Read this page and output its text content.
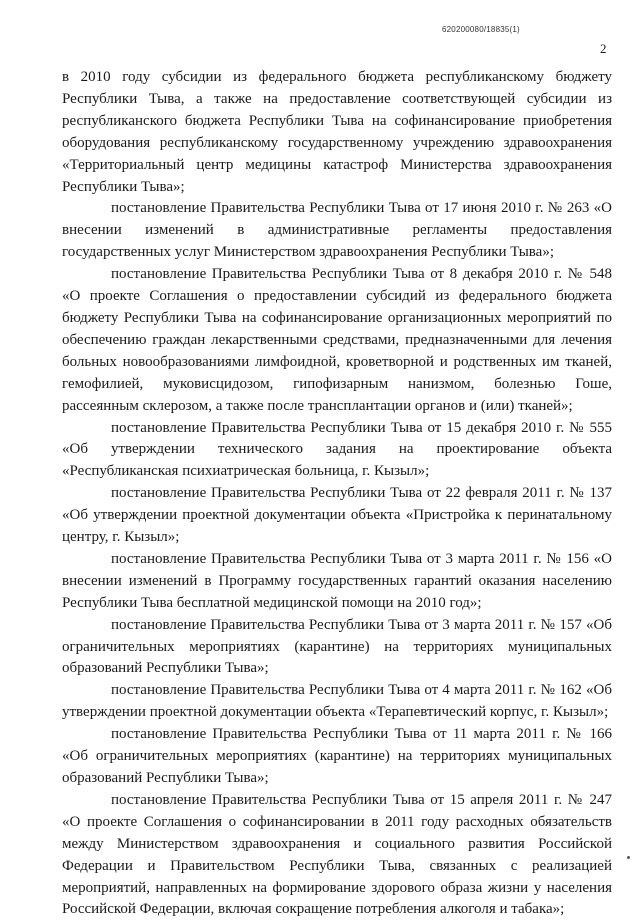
620200080/18835(1)
2

в 2010 году субсидии из федерального бюджета республиканскому бюджету Республики Тыва, а также на предоставление соответствующей субсидии из республиканского бюджета Республики Тыва на софинансирование приобретения оборудования республиканскому государственному учреждению здравоохранения «Территориальный центр медицины катастроф Министерства здравоохранения Республики Тыва»;

постановление Правительства Республики Тыва от 17 июня 2010 г. № 263 «О внесении изменений в административные регламенты предоставления государственных услуг Министерством здравоохранения Республики Тыва»;

постановление Правительства Республики Тыва от 8 декабря 2010 г. № 548 «О проекте Соглашения о предоставлении субсидий из федерального бюджета бюджету Республики Тыва на софинансирование организационных мероприятий по обеспечению граждан лекарственными средствами, предназначенными для лечения больных новообразованиями лимфоидной, кроветворной и родственных им тканей, гемофилией, муковисцидозом, гипофизарным нанизмом, болезнью Гоше, рассеянным склерозом, а также после трансплантации органов и (или) тканей»;

постановление Правительства Республики Тыва от 15 декабря 2010 г. № 555 «Об утверждении технического задания на проектирование объекта «Республиканская психиатрическая больница, г. Кызыл»;

постановление Правительства Республики Тыва от 22 февраля 2011 г. № 137 «Об утверждении проектной документации объекта «Пристройка к перинатальному центру, г. Кызыл»;

постановление Правительства Республики Тыва от 3 марта 2011 г. № 156 «О внесении изменений в Программу государственных гарантий оказания населению Республики Тыва бесплатной медицинской помощи на 2010 год»;

постановление Правительства Республики Тыва от 3 марта 2011 г. № 157 «Об ограничительных мероприятиях (карантине) на территориях муниципальных образований Республики Тыва»;

постановление Правительства Республики Тыва от 4 марта 2011 г. № 162 «Об утверждении проектной документации объекта «Терапевтический корпус, г. Кызыл»;

постановление Правительства Республики Тыва от 11 марта 2011 г. № 166 «Об ограничительных мероприятиях (карантине) на территориях муниципальных образований Республики Тыва»;

постановление Правительства Республики Тыва от 15 апреля 2011 г. № 247 «О проекте Соглашения о софинансировании в 2011 году расходных обязательств между Министерством здравоохранения и социального развития Российской Федерации и Правительством Республики Тыва, связанных с реализацией мероприятий, направленных на формирование здорового образа жизни у населения Российской Федерации, включая сокращение потребления алкоголя и табака»;
